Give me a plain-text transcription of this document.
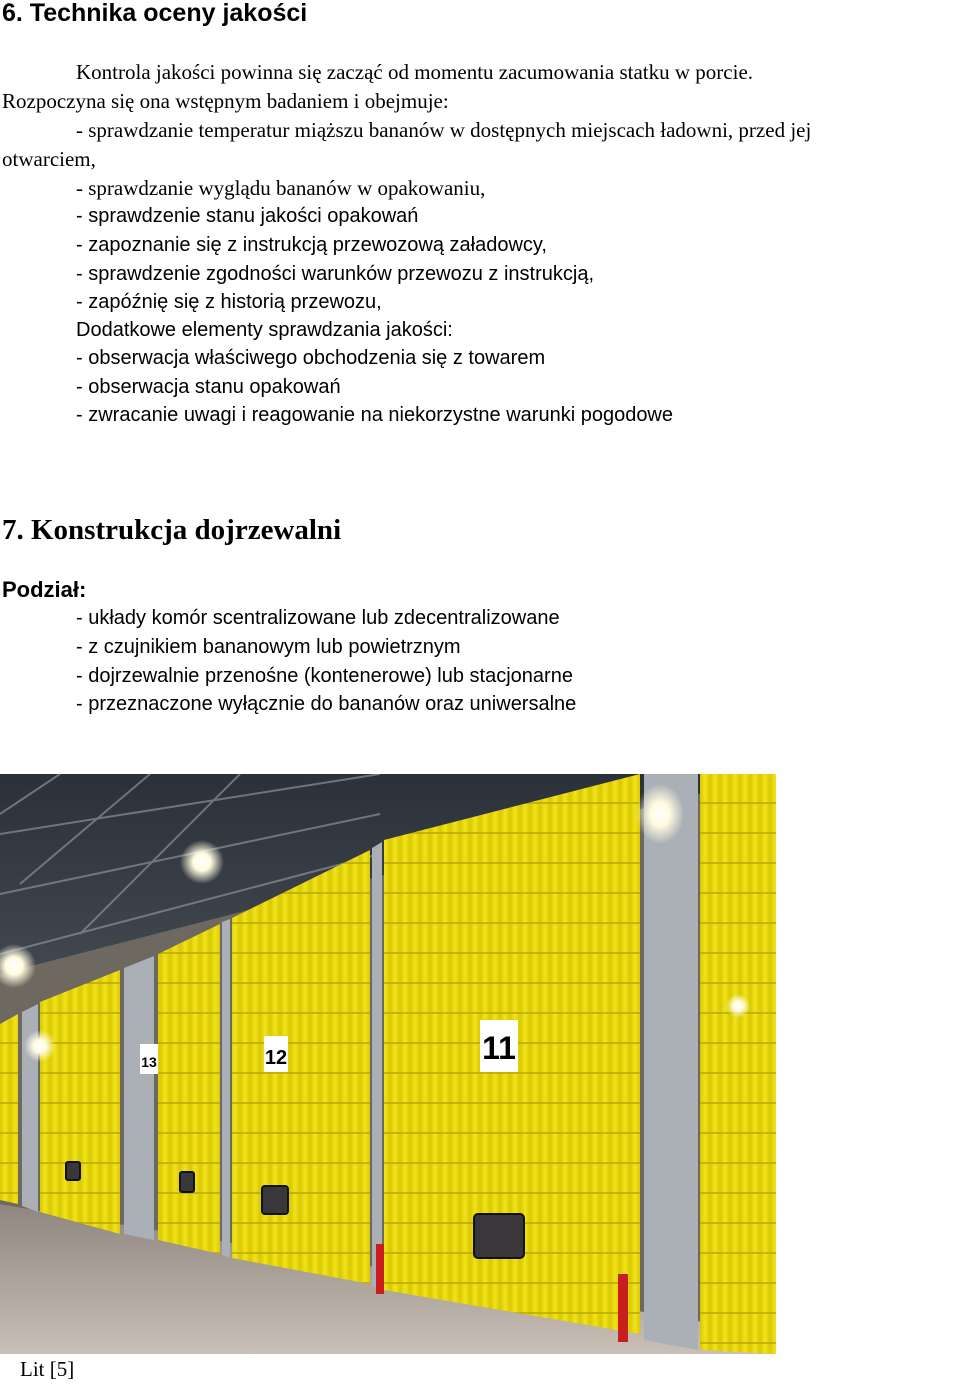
6. Technika oceny jakości

Kontrola jakości powinna się zacząć od momentu zacumowania statku w porcie.

Rozpoczyna się ona wstępnym badaniem i obejmuje:

- sprawdzanie temperatur miąższu bananów w dostępnych miejscach ładowni, przed jej

otwarciem,

- sprawdzanie wyglądu bananów w opakowaniu,

- sprawdzenie stanu jakości opakowań

- zapoznanie się z instrukcją przewozową załadowcy,

- sprawdzenie zgodności warunków przewozu z instrukcją,

- zapóźnię się z historią przewozu,

Dodatkowe elementy sprawdzania jakości:

- obserwacja właściwego obchodzenia się z towarem

- obserwacja stanu opakowań

- zwracanie uwagi i reagowanie na niekorzystne warunki pogodowe

7. Konstrukcja dojrzewalni

Podział:

- układy komór scentralizowane lub zdecentralizowane

- z czujnikiem bananowym lub powietrznym

- dojrzewalnie przenośne (kontenerowe) lub stacjonarne

- przeznaczone wyłącznie do bananów oraz uniwersalne

13	12	11

Lit [5]
